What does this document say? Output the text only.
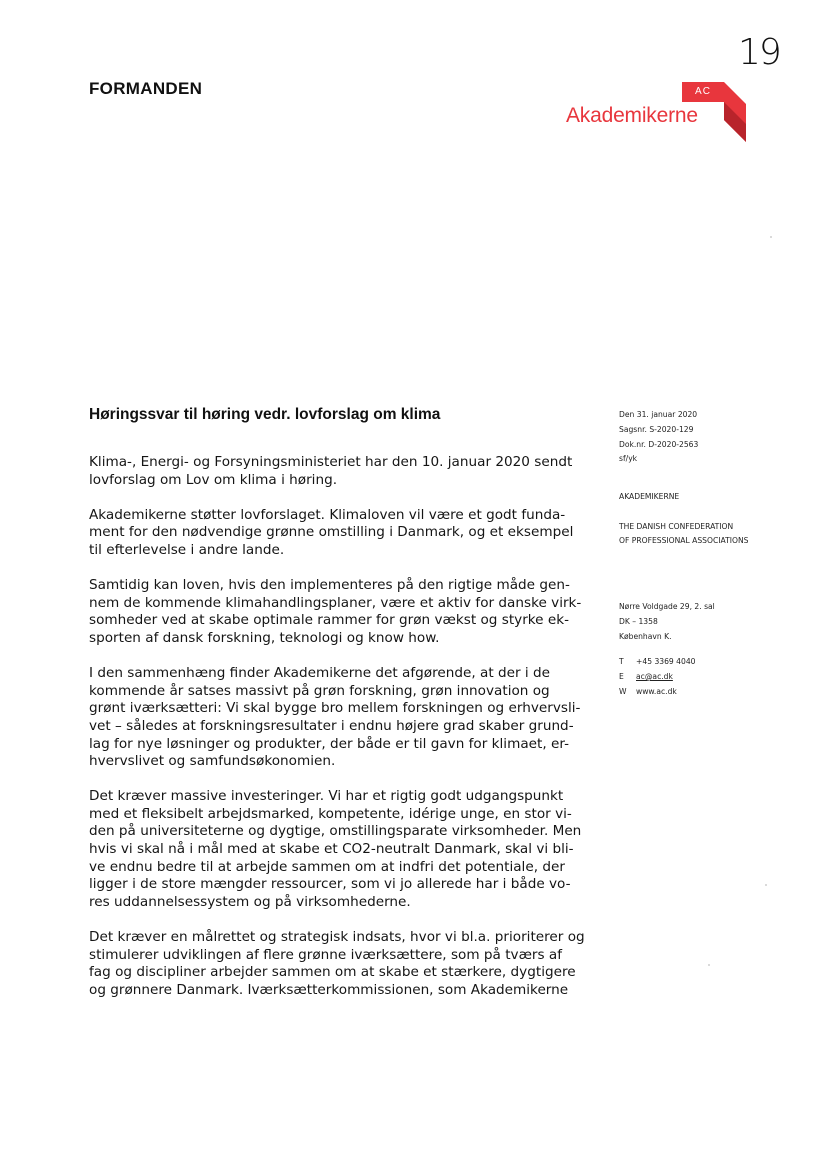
19
FORMANDEN	AC
Akademikerne
Høringssvar til høring vedr. lovforslag om klima

Klima-, Energi- og Forsyningsministeriet har den 10. januar 2020 sendt
lovforslag om Lov om klima i høring.

Akademikerne støtter lovforslaget. Klimaloven vil være et godt funda-
ment for den nødvendige grønne omstilling i Danmark, og et eksempel
til efterlevelse i andre lande.

Samtidig kan loven, hvis den implementeres på den rigtige måde gen-
nem de kommende klimahandlingsplaner, være et aktiv for danske virk-
somheder ved at skabe optimale rammer for grøn vækst og styrke ek-
sporten af dansk forskning, teknologi og know how.

I den sammenhæng finder Akademikerne det afgørende, at der i de
kommende år satses massivt på grøn forskning, grøn innovation og
grønt iværksætteri: Vi skal bygge bro mellem forskningen og erhvervsli-
vet – således at forskningsresultater i endnu højere grad skaber grund-
lag for nye løsninger og produkter, der både er til gavn for klimaet, er-
hvervslivet og samfundsøkonomien.

Det kræver massive investeringer. Vi har et rigtig godt udgangspunkt
med et fleksibelt arbejdsmarked, kompetente, idérige unge, en stor vi-
den på universiteterne og dygtige, omstillingsparate virksomheder. Men
hvis vi skal nå i mål med at skabe et CO2-neutralt Danmark, skal vi bli-
ve endnu bedre til at arbejde sammen om at indfri det potentiale, der
ligger i de store mængder ressourcer, som vi jo allerede har i både vo-
res uddannelsessystem og på virksomhederne.

Det kræver en målrettet og strategisk indsats, hvor vi bl.a. prioriterer og
stimulerer udviklingen af flere grønne iværksættere, som på tværs af
fag og discipliner arbejder sammen om at skabe et stærkere, dygtigere
og grønnere Danmark. Iværksætterkommissionen, som Akademikerne

Den 31. januar 2020
Sagsnr. S-2020-129
Dok.nr. D-2020-2563
sf/yk
AKADEMIKERNE

THE DANISH CONFEDERATION
OF PROFESSIONAL ASSOCIATIONS
Nørre Voldgade 29, 2. sal
DK – 1358
København K.
T +45 3369 4040
E ac@ac.dk
W www.ac.dk
